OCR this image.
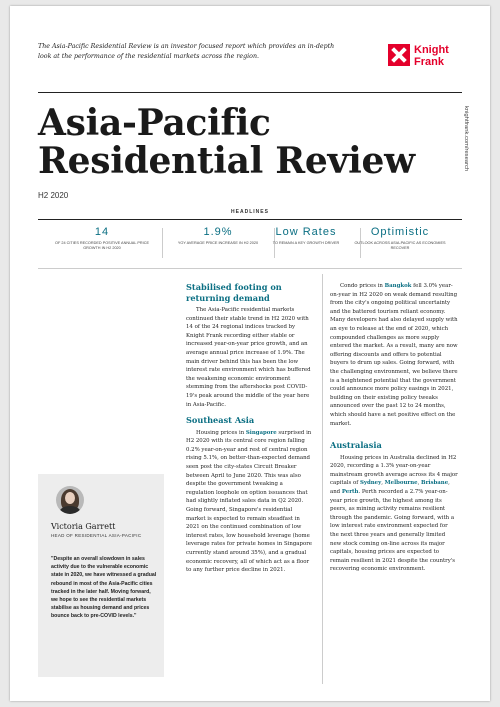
The Asia-Pacific Residential Review is an investor focused report which provides an in-depth look at the performance of the residential markets across the region.	Knight
Frank
Asia-Pacific
Residential Review
H2 2020
knightfrank.com/research
HEADLINES
14
OF 24 CITIES RECORDED POSITIVE ANNUAL PRICE GROWTH IN H2 2020
1.9%
YOY AVERAGE PRICE INCREASE IN H2 2020
Low Rates
TO REMAIN A KEY GROWTH DRIVER
Optimistic
OUTLOOK ACROSS ASIA-PACIFIC AS ECONOMIES RECOVER
Stabilised footing on returning demand

The Asia-Pacific residential markets continued their stable trend in H2 2020 with 14 of the 24 regional indices tracked by Knight Frank recording either stable or increased year-on-year price growth, and an average annual price increase of 1.9%. The main driver behind this has been the low interest rate environment which has buffered the weakening economic environment stemming from the aftershocks post COVID-19's peak around the middle of the year here in Asia-Pacific.

Southeast Asia

Housing prices in Singapore surprised in H2 2020 with its central core region falling 0.2% year-on-year and rest of central region rising 5.1%, on better-than-expected demand seen post the city-states Circuit Breaker between April to June 2020. This was also despite the government tweaking a regulation loophole on option issuances that had slightly inflated sales data in Q2 2020. Going forward, Singapore's residential market is expected to remain steadfast in 2021 on the continued combination of low interest rates, low household leverage (home leverage rates for private homes in Singapore currently stand around 35%), and a gradual economic recovery, all of which act as a floor to any further price decline in 2021.

Condo prices in Bangkok fell 3.0% year-on-year in H2 2020 on weak demand resulting from the city's ongoing political uncertainty and the battered tourism reliant economy. Many developers had also delayed supply with an eye to release at the end of 2020, which compounded challenges as more supply entered the market. As a result, many are now offering discounts and offers to potential buyers to drum up sales. Going forward, with the challenging environment, we believe there is a heightened potential that the government could announce more policy easings in 2021, building on their existing policy tweaks announced over the past 12 to 24 months, which should have a net positive effect on the market.

Australasia

Housing prices in Australia declined in H2 2020, recording a 1.3% year-on-year mainstream growth average across its 4 major capitals of Sydney, Melbourne, Brisbane, and Perth. Perth recorded a 2.7% year-on-year price growth, the highest among its peers, as mining activity remains resilient through the pandemic. Going forward, with a low interest rate environment expected for the next three years and generally limited new stock coming on-line across its major capitals, housing prices are expected to remain resilient in 2021 despite the country's recovering economic environment.

Victoria Garrett
HEAD OF RESIDENTIAL ASIA-PACIFIC
"Despite an overall slowdown in sales activity due to the vulnerable economic state in 2020, we have witnessed a gradual rebound in most of the Asia-Pacific cities tracked in the later half. Moving forward, we hope to see the residential markets stabilise as housing demand and prices bounce back to pre-COVID levels."
